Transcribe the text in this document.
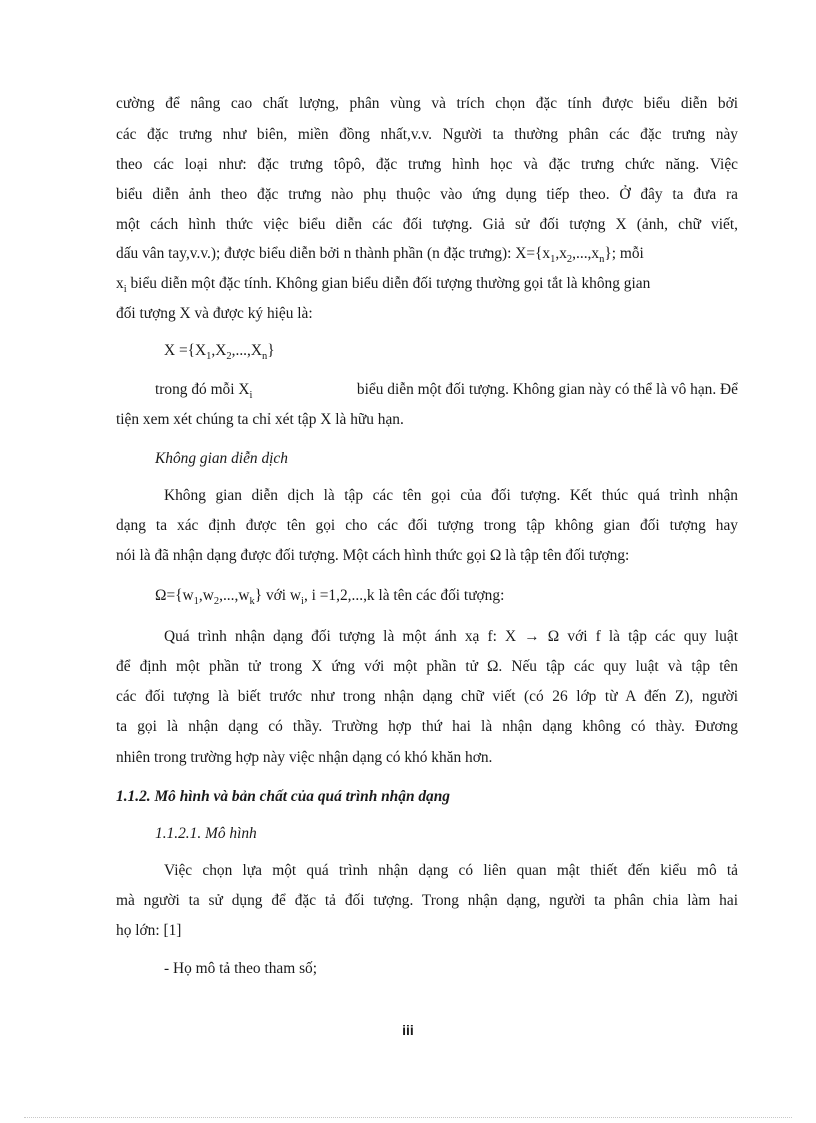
cường để nâng cao chất lượng, phân vùng và trích chọn đặc tính được biểu diễn bởi
các đặc trưng như biên, miền đồng nhất,v.v. Người ta thường phân các đặc trưng này
theo các loại như: đặc trưng tôpô, đặc trưng hình học và đặc trưng chức năng. Việc
biểu diễn ảnh theo đặc trưng nào phụ thuộc vào ứng dụng tiếp theo. Ở đây ta đưa ra
một cách hình thức việc biểu diễn các đối tượng. Giả sử đối tượng X (ảnh, chữ viết,
dấu vân tay,v.v.); được biểu diễn bởi n thành phần (n đặc trưng): $X=\{x_1,x_2,...,x_n\}$; mỗi
$x_i$ biểu diễn một đặc tính. Không gian biểu diễn đối tượng thường gọi tắt là không gian
đối tượng X và được ký hiệu là:
$X =\{X_1,X_2,...,X_n\}$
trong đó mỗi $X_i$	biểu diễn một đối tượng. Không gian này có thể là vô hạn. Để
tiện xem xét chúng ta chỉ xét tập X là hữu hạn.
Không gian diễn dịch
Không gian diễn dịch là tập các tên gọi của đối tượng. Kết thúc quá trình nhận
dạng ta xác định được tên gọi cho các đối tượng trong tập không gian đối tượng hay
nói là đã nhận dạng được đối tượng. Một cách hình thức gọi Ω là tập tên đối tượng:
$\Omega=\{w_1,w_2,...,w_k\}$ với $w_i$, i =1,2,...,k là tên các đối tượng:
Quá trình nhận dạng đối tượng là một ánh xạ f: X → Ω với f là tập các quy luật
để định một phần tử trong X ứng với một phần tử Ω. Nếu tập các quy luật và tập tên
các đối tượng là biết trước như trong nhận dạng chữ viết (có 26 lớp từ A đến Z), người
ta gọi là nhận dạng có thầy. Trường hợp thứ hai là nhận dạng không có thày. Đương
nhiên trong trường hợp này việc nhận dạng có khó khăn hơn.
1.1.2. Mô hình và bản chất của quá trình nhận dạng
1.1.2.1. Mô hình
Việc chọn lựa một quá trình nhận dạng có liên quan mật thiết đến kiểu mô tả
mà người ta sử dụng để đặc tả đối tượng. Trong nhận dạng, người ta phân chia làm hai
họ lớn: [1]
- Họ mô tả theo tham số;
iii
